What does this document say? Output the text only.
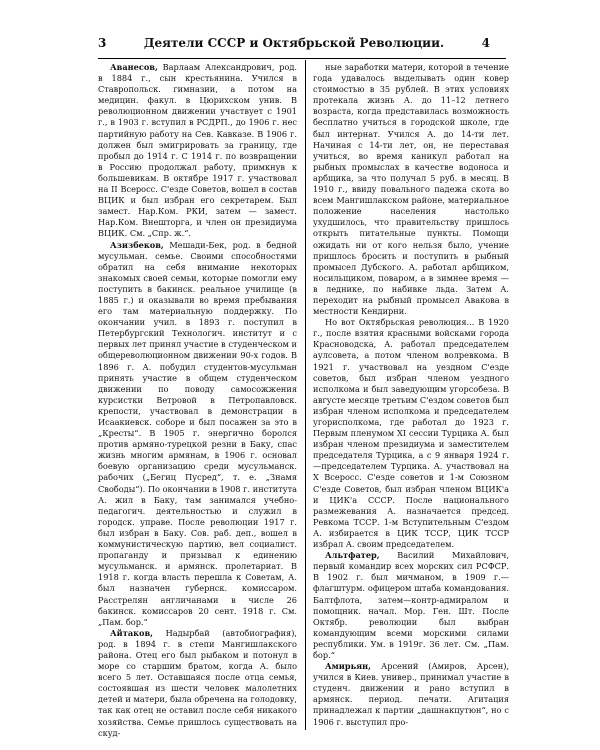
3	Деятели СССР и Октябрьской Революции.	4

Аванесов, Варлаам Александрович, род. в 1884 г., сын крестьянина. Учился в Ставропольск. гимназии, а потом на медицин. факул. в Цюрихском унив. В революционном движении участвует с 1901 г., в 1903 г. вступил в РСДРП., до 1906 г. нес партийную работу на Сев. Кавказе. В 1906 г. должен был эмигрировать за границу, где пробыл до 1914 г. С 1914 г. по возвращении в Россию продолжал работу, примкнув к большевикам. В октябре 1917 г. участвовал на II Всеросс. С'езде Советов, вошел в состав ВЦИК и был избран его секретарем. Был замест. Нар.Ком. РКИ, затем — замест. Нар.Ком. Внешторга, и член он президиума ВЦИК. См. „Спр. ж.“.

Азизбеков, Мешади-Бек, род. в бедной мусульман. семье. Своими способностями обратил на себя внимание некоторых знакомых своей семьи, которые помогли ему поступить в бакинск. реальное училище (в 1885 г.) и оказывали во время пребывания его там материальную поддержку. По окончании учил. в 1893 г. поступил в Петербургский Технологич. институт и с первых лет принял участие в студенческом и общереволюционном движении 90-х годов. В 1896 г. А. побудил студентов-мусульман принять участие в общем студенческом движении по поводу самосожжения курсистки Ветровой в Петропавловск. крепости, участвовал в демонстрации в Исаакиевск. соборе и был посажен за это в „Кресты“. В 1905 г. энергично боролся против армяно-турецкой резни в Баку, спас жизнь многим армянам, в 1906 г. основал боевую организацию среди мусульманск. рабочих („Бегиц Пусред“, т. е. „Знамя Свободы“). По окончании в 1908 г. института А. жил в Баку, там занимался учебно-педагогич. деятельностью и служил в городск. управе. После революции 1917 г. был избран в Баку. Сов. раб. деп., вошел в коммунистическую партию, вел социалист. пропаганду и призывал к единению мусульманск. и армянск. пролетариат. В 1918 г. когда власть перешла к Советам, А. был назначен губернск. комиссаром. Расстрелян англичанами в числе 26 бакинск. комиссаров 20 сент. 1918 г. См. „Пам. бор.“

Айтаков, Надырбай (автобиография), род. в 1894 г. в степи Мангишлакского района. Отец его был рыбаком и потонул в море со старшим братом, когда А. было всего 5 лет. Оставшаяся после отца семья, состоявшая из шести человек малолетних детей и матери, была обречена на голодовку, так как отец не оставил после себя никакого хозяйства. Семье пришлось существовать на скуд-

ные заработки матери, которой в течение года удавалось выделывать один ковер стоимостью в 35 рублей. В этих условиях протекала жизнь А. до 11–12 летнего возраста, когда представилась возможность бесплатно учиться в городской школе, где был интернат. Учился А. до 14-ти лет. Начиная с 14-ти лет, он, не переставая учиться, во время каникул работал на рыбных промыслах в качестве водоноса и арбщика, за что получал 5 руб. в месяц. В 1910 г., ввиду повального падежа скота во всем Мангишлакском районе, материальное положение населения настолько ухудшилось, что правительству пришлось открыть питательные пункты. Помощи ожидать ни от кого нельзя было, учение пришлось бросить и поступить в рыбный промысел Дубского. А. работал арбщиком, носильщиком, поваром, а в зимнее время — в леднике, по набивке льда. Затем А. переходит на рыбный промысел Авакова в местности Кендирни.

Но вот Октябрьская революция... В 1920 г., после взятия красными войсками города Красноводска, А. работал председателем аулсовета, а потом членом волревкома. В 1921 г. участвовал на уездном С'езде советов, был избран членом уездного исполкома и был заведующим угорсобеза. В августе месяце третьим С'ездом советов был избран членом исполкома и председателем угорисполкома, где работал до 1923 г. Первым пленумом XI сессии Турцика А. был избран членом президиума и заместителем председателя Турцика, а с 9 января 1924 г.—председателем Турцика. А. участвовал на X Всеросс. С'езде советов и 1-м Союзном С'езде Советов, был избран членом ВЦИК'а и ЦИК'а СССР. После национального размежевания А. назначается председ. Ревкома ТССР. 1-м Вступительным С'ездом А. избирается в ЦИК ТССР, ЦИК ТССР избрал А. своим председателем.

Альтфатер, Василий Михайлович, первый командир всех морских сил РСФСР. В 1902 г. был мичманом, в 1909 г.—флагштурм. офицером штаба командования. Балтфлота, затем—контр-адмиралом и помощник. начал. Мор. Ген. Шт. После Октябр. революции был выбран командующим всеми морскими силами республики. Ум. в 1919г. 36 лет. См. „Пам. бор.“

Амирьян, Арсений (Амиров, Арсен), учился в Киев. универ., принимал участие в студенч. движении и рано вступил в армянск. период. печати. Агитация принадлежал к партии „дашнакцутюн“, но с 1906 г. выступил про-
